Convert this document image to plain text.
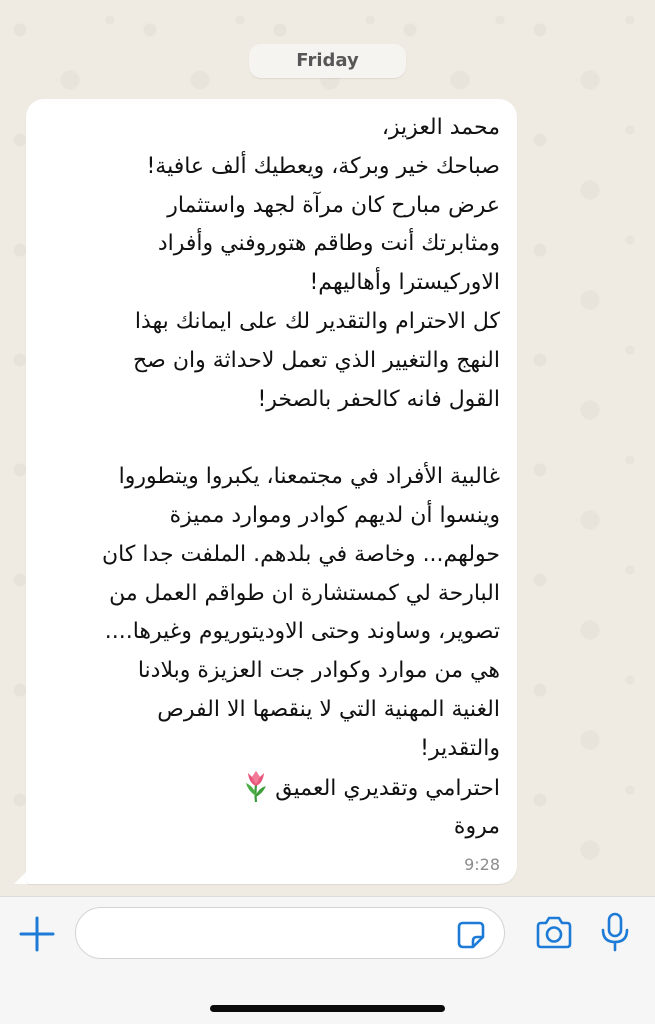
Friday
محمد العزيز،
صباحك خير وبركة، ويعطيك ألف عافية!
عرض مبارح كان مرآة لجهد واستثمار
ومثابرتك أنت وطاقم هتوروفني وأفراد
الاوركيسترا وأهاليهم!
كل الاحترام والتقدير لك على ايمانك بهذا
النهج والتغيير الذي تعمل لاحداثة وان صح
القول فانه كالحفر بالصخر!

غالبية الأفراد في مجتمعنا، يكبروا ويتطوروا
وينسوا أن لديهم كوادر وموارد مميزة
حولهم... وخاصة في بلدهم. الملفت جدا كان
البارحة لي كمستشارة ان طواقم العمل من
تصوير، وساوند وحتى الاوديتوريوم وغيرها....
هي من موارد وكوادر جت العزيزة وبلادنا
الغنية المهنية التي لا ينقصها الا الفرص
والتقدير!
احترامي وتقديري العميق
مروة
9:28
